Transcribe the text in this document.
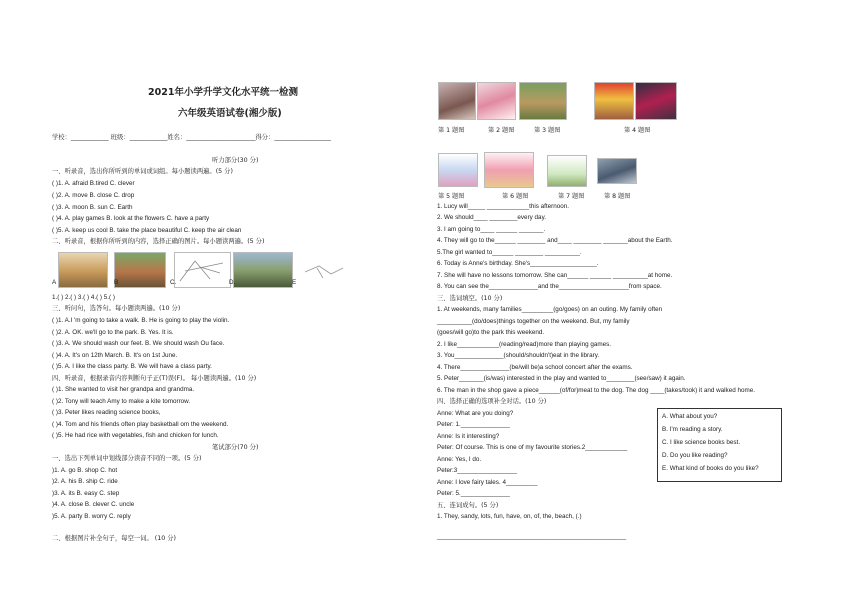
2021年小学升学文化水平统一检测
六年级英语试卷(湘少版)
学校：____________ 班级：____________姓名：______________________得分：__________________
听力部分(30 分)
一、听录音，选出你所听到的单词或词组。每小题读两遍。(5 分)
( )1. A. afraid B.tired C. clever
( )2. A. move B. close C. drop
( )3. A. moon B. sun C. Earth
( )4. A. play games B. look at the flowers C. have a party
( )5. A. keep us cool B. take the place beautiful C. keep the air clean
二、听录音，根据你所听到的内容，选择正确的图片。每小题读两遍。(5 分)
A	B	C.	D.	E
1.( ) 2.( ) 3.( ) 4.( ) 5.( )
三、听问句，选答句。每小题读两遍。(10 分)
( )1. A.I 'm going to take a walk. B. He is going to play the violin.
( )2. A. OK. we'll go to the park. B. Yes. It is.
( )3. A. We should wash our feet. B. We should wash Ou face.
( )4. A. It's on 12th March. B. It's on 1st June.
( )5. A. I like the class party. B. We will have a class party.
四、听录音，根据录音内容判断句子正(T)误(F)。 每小题读两遍。(10 分)
( )1. She wanted to visit her grandpa and grandma.
( )2. Tony will teach Amy to make a kite tomorrow.
( )3. Peter likes reading science books,
( )4. Tom and his friends often play basketball om the weekend.
( )5. He had rice with vegetables, fish and chicken for lunch.
笔试部分(70 分)
一、选出下列单词中划线部分读音不同的一项。(5 分)
)1. A. go B. shop C. hot
)2. A. his B. ship C. ride
)3. A. its B. easy C. step
)4. A. close B. clever C. uncle
)5. A. party B. worry C. reply
二、根据图片补全句子，每空一词。 (10 分)
第 1 题图	第 2 题图	第 3 题图	第 4 题图
第 5 题图	第 6 题图	第 7 题图	第 8 题图
1. Lucy will_____ ____________this afternoon.
2. We should____ ________every day.
3. I am going to____ ______ _______.
4. They will go to the______ ________ and____ ________ _______about the Earth.
5.The girl wanted to______ ________ __________.
6. Today is Anne's birthday. She's___________________.
7. She will have no lessons tomorrow. She can______ ______ __________at home.
8. You can see the______________and the____________________from space.
三、选词填空。(10 分)
1. At weekends, many families_________(go/goes) on an outing. My family often
__________(do/does)things together on the weekend. But, my family
(goes/will go)to the park this weekend.
2. I like____________(reading/read)more than playing games.
3. You______________(should/shouldn't)eat in the library.
4. There______________(be/will be)a school concert after the exams.
5. Peter_______(is/was) interested in the play and wanted to________(see/saw) it again.
6. The man in the shop gave a piece______(of/for)meat to the dog. The dog ____(takes/took) it and walked home.
四、选择正确的选项补全对话。(10 分)
Anne: What are you doing?
Peter: 1.______________
Anne: Is it interesting?
Peter: Of course. This is one of my favourite stories.2____________
Anne: Yes, I do.
Peter:3_________________
Anne: I love fairy tales. 4_________
Peter: 5.______________
五、连词成句。(5 分)
1. They, sandy, lots, fun, have, on, of, the, beach, (.)
______________________________________________________
A. What about you?
B. I'm reading a story.
C. I like science books best.
D. Do you like reading?
E. What kind of books do you like?
